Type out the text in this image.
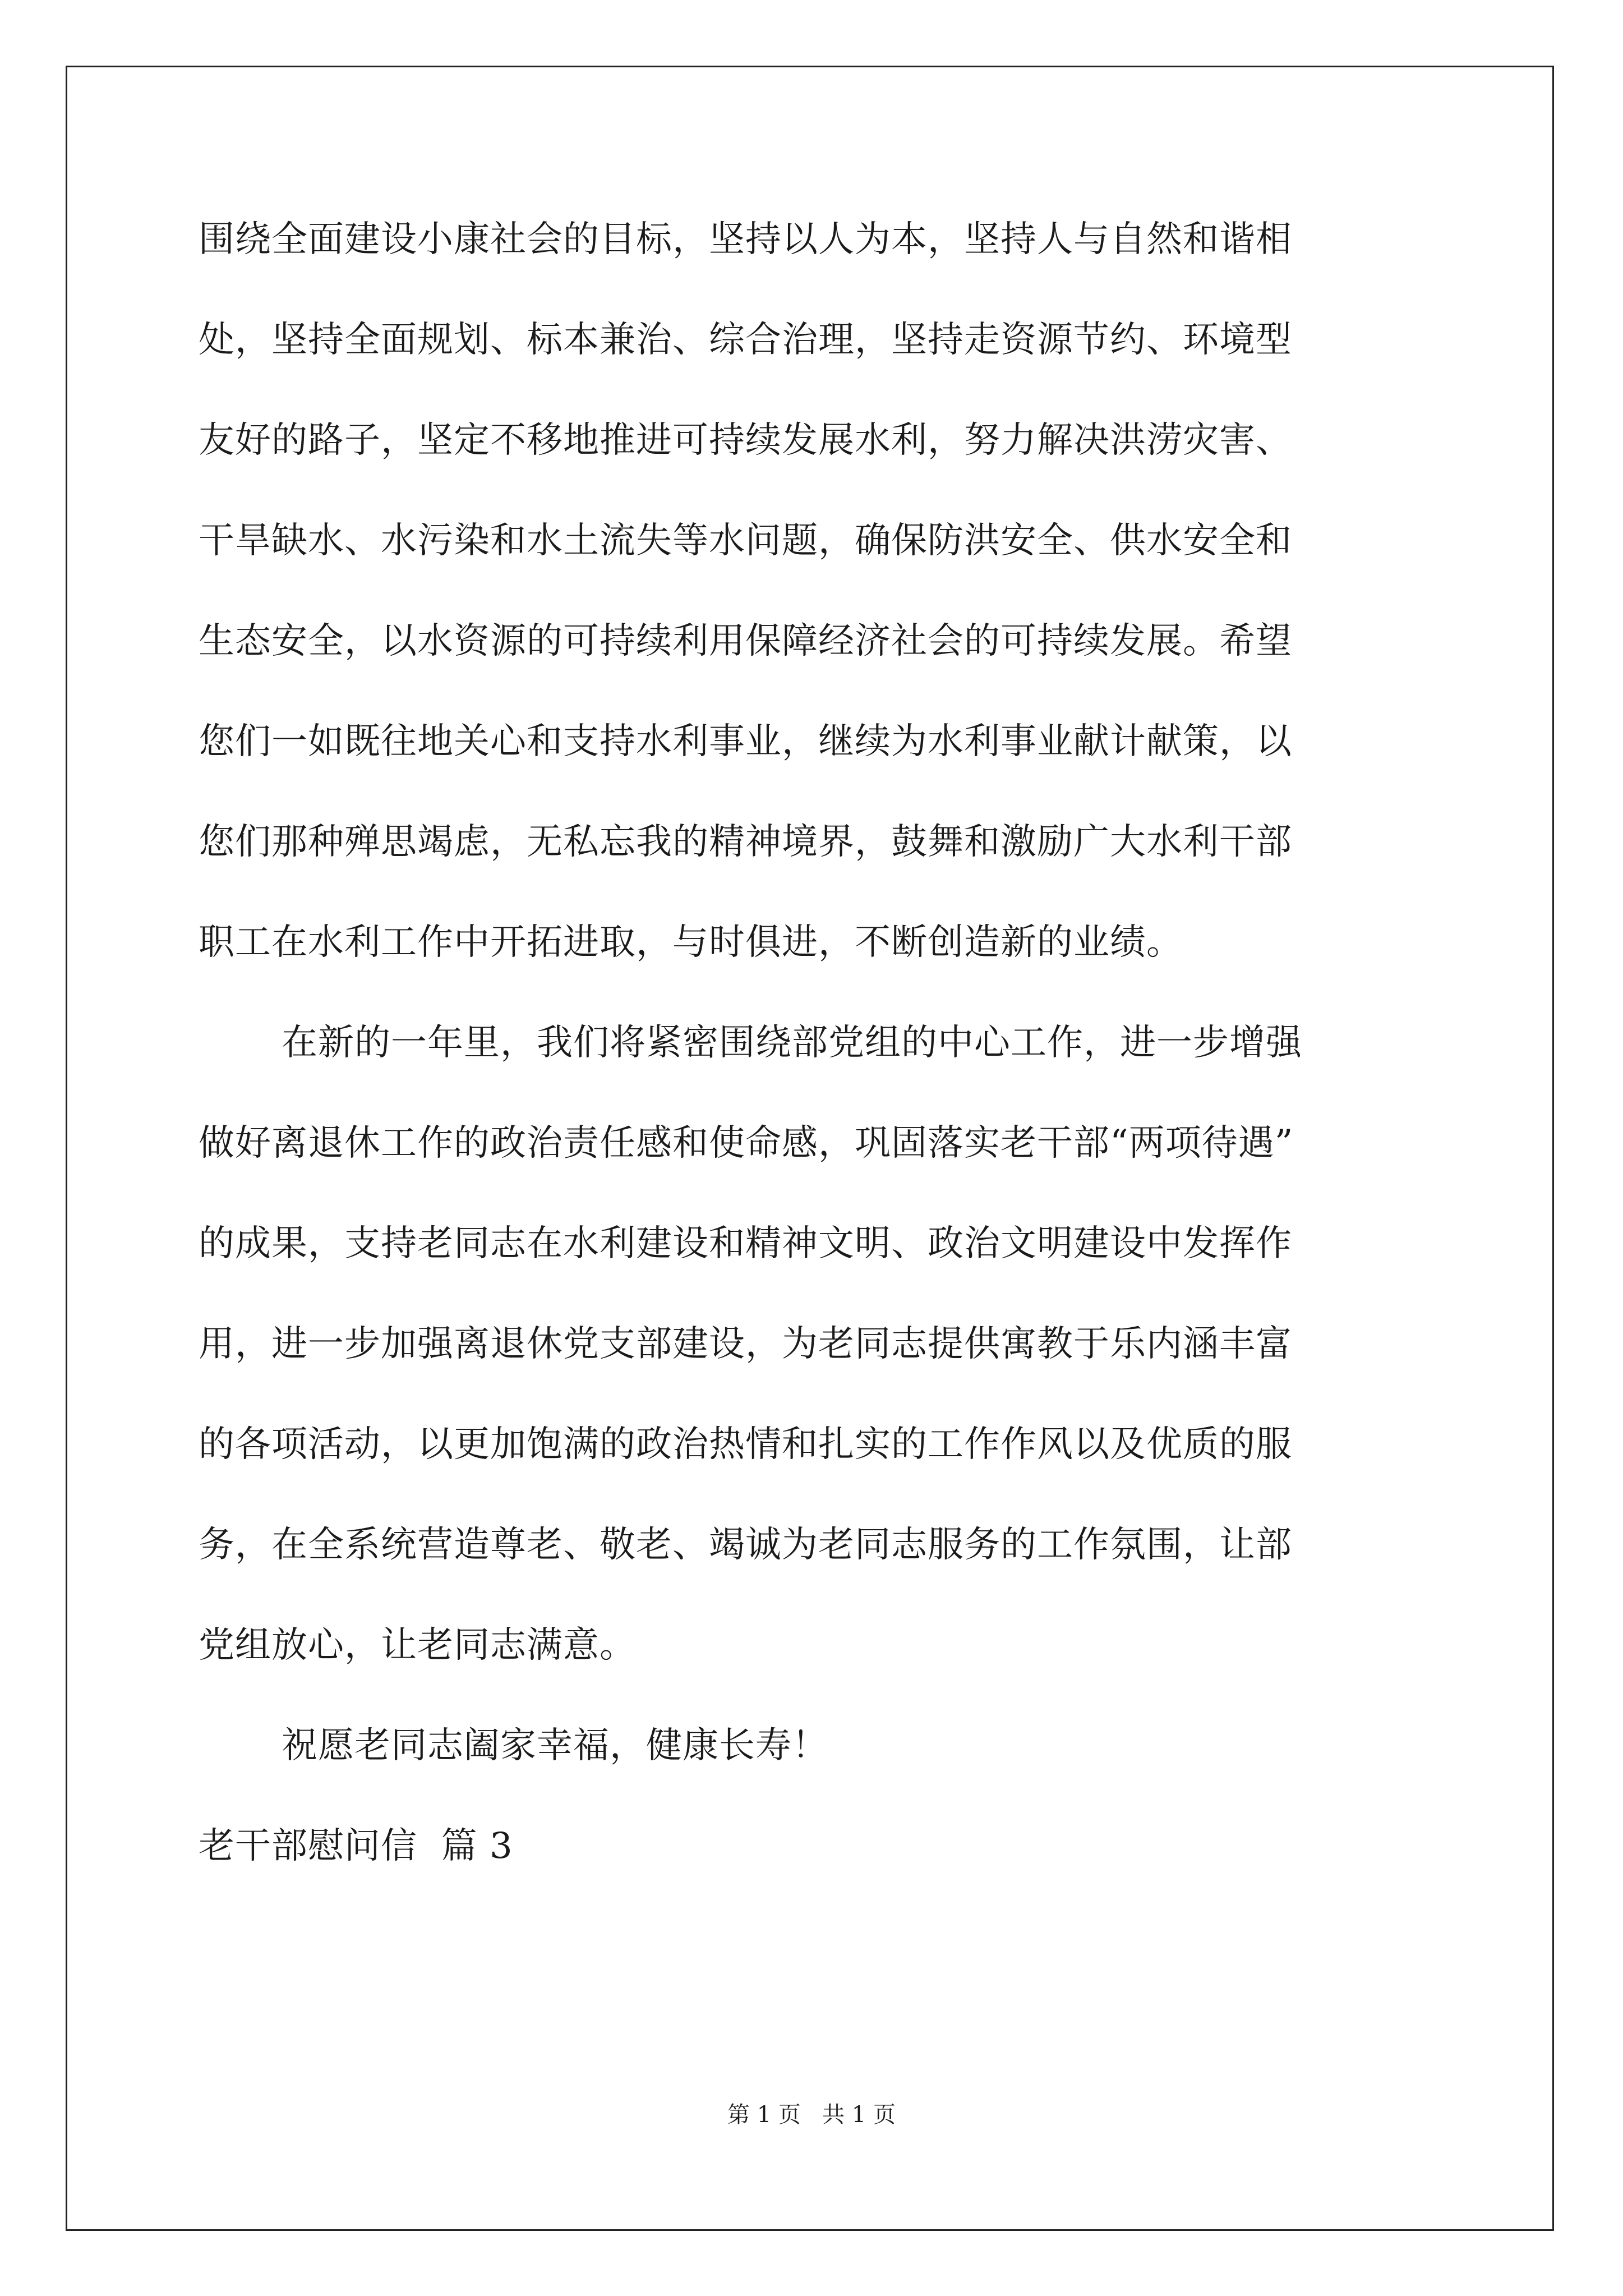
围绕全面建设小康社会的目标，坚持以人为本，坚持人与自然和谐相
处，坚持全面规划、标本兼治、综合治理，坚持走资源节约、环境型
友好的路子，坚定不移地推进可持续发展水利，努力解决洪涝灾害、
干旱缺水、水污染和水土流失等水问题，确保防洪安全、供水安全和
生态安全，以水资源的可持续利用保障经济社会的可持续发展。希望
您们一如既往地关心和支持水利事业，继续为水利事业献计献策，以
您们那种殚思竭虑，无私忘我的精神境界，鼓舞和激励广大水利干部
职工在水利工作中开拓进取，与时俱进，不断创造新的业绩。
在新的一年里，我们将紧密围绕部党组的中心工作，进一步增强
做好离退休工作的政治责任感和使命感，巩固落实老干部“两项待遇”
的成果，支持老同志在水利建设和精神文明、政治文明建设中发挥作
用，进一步加强离退休党支部建设，为老同志提供寓教于乐内涵丰富
的各项活动，以更加饱满的政治热情和扎实的工作作风以及优质的服
务，在全系统营造尊老、敬老、竭诚为老同志服务的工作氛围，让部
党组放心，让老同志满意。
祝愿老同志阖家幸福，健康长寿！
老干部慰问信  篇 3
第 1 页   共 1 页
